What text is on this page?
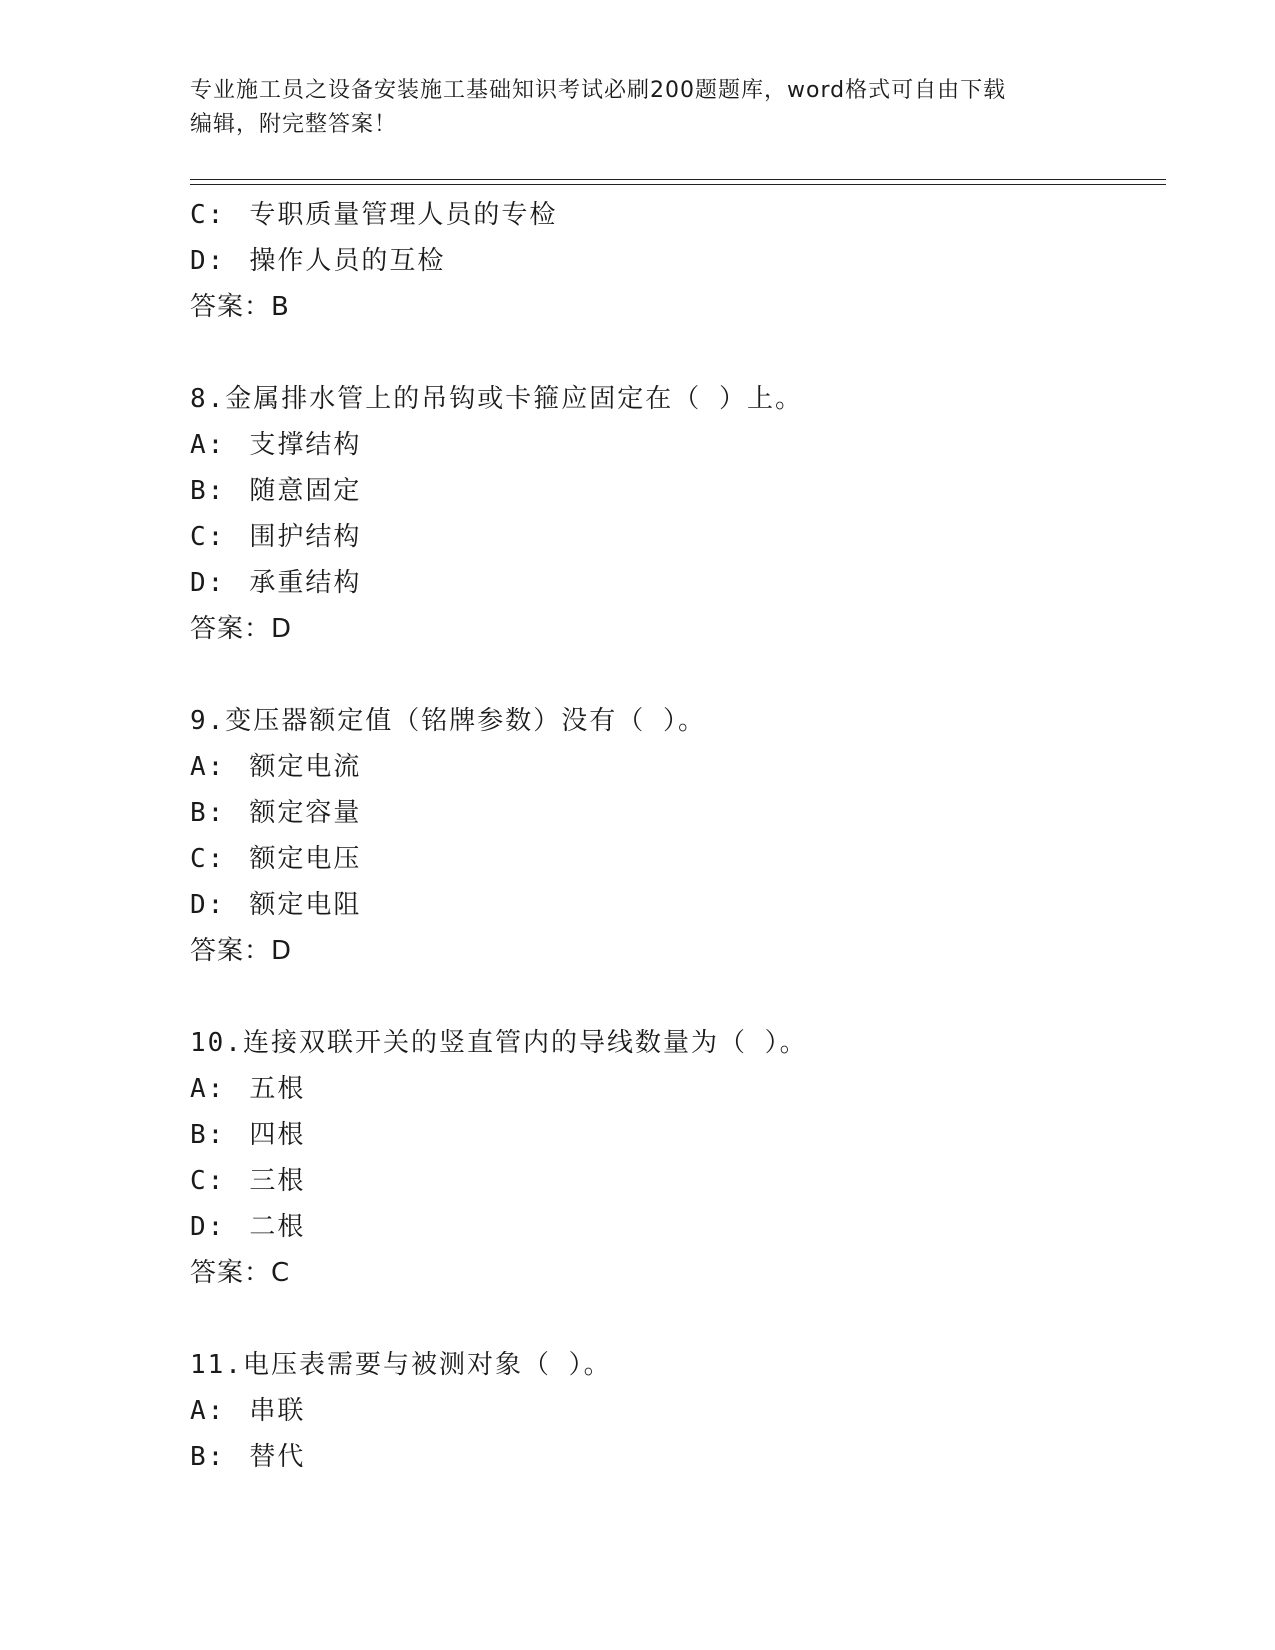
专业施工员之设备安装施工基础知识考试必刷200题题库，word格式可自由下载
编辑，附完整答案！
C: 专职质量管理人员的专检
D: 操作人员的互检
答案：B
8.金属排水管上的吊钩或卡箍应固定在（ ）上。
A: 支撑结构
B: 随意固定
C: 围护结构
D: 承重结构
答案：D
9.变压器额定值（铭牌参数）没有（ ）。
A: 额定电流
B: 额定容量
C: 额定电压
D: 额定电阻
答案：D
10.连接双联开关的竖直管内的导线数量为（ ）。
A: 五根
B: 四根
C: 三根
D: 二根
答案：C
11.电压表需要与被测对象（ ）。
A: 串联
B: 替代
